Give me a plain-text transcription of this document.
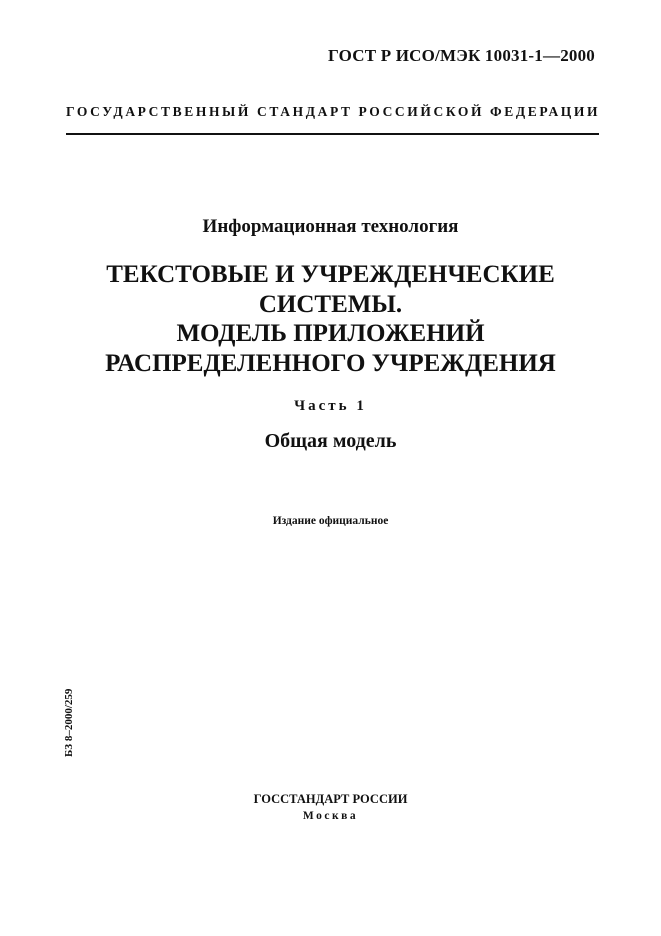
ГОСТ Р ИСО/МЭК 10031-1—2000
ГОСУДАРСТВЕННЫЙ СТАНДАРТ РОССИЙСКОЙ ФЕДЕРАЦИИ
Информационная технология
ТЕКСТОВЫЕ И УЧРЕЖДЕНЧЕСКИЕ
СИСТЕМЫ.
МОДЕЛЬ ПРИЛОЖЕНИЙ
РАСПРЕДЕЛЕННОГО УЧРЕЖДЕНИЯ
Часть 1
Общая модель
Издание официальное
БЗ 8–2000/259
ГОССТАНДАРТ РОССИИ
Москва
